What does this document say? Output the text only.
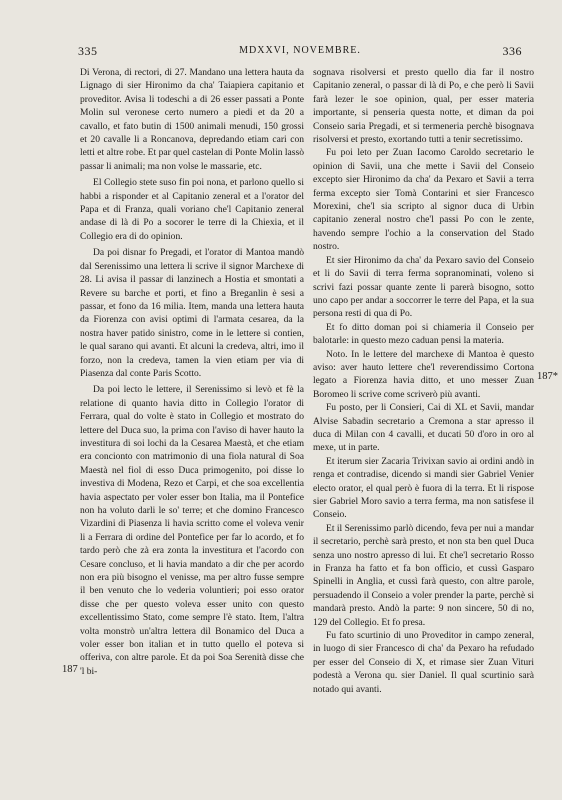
335	MDXXVI, NOVEMBRE.	336
187
187*

Di Verona, di rectori, di 27. Mandano una lettera hauta da Lignago di sier Hironimo da cha' Taiapiera capitanio et proveditor. Avisa li todeschi a di 26 esser passati a Ponte Molin sul veronese certo numero a piedi et da 20 a cavallo, et fato butin di 1500 animali menudi, 150 grossi et 20 cavalle li a Roncanova, depredando etiam cari con letti et altre robe. Et par quel castelan di Ponte Molin lassò passar li animali; ma non volse le massarie, etc.

El Collegio stete suso fin poi nona, et parlono quello si habbi a risponder et al Capitanio zeneral et a l'orator del Papa et di Franza, quali voriano che'l Capitanio zeneral andase di là di Po a socorer le terre di la Chiexia, et il Collegio era di do opinion.

Da poi disnar fo Pregadi, et l'orator di Mantoa mandò dal Serenissimo una lettera li scrive il signor Marchexe di 28. Li avisa il passar di lanzinech a Hostia et smontati a Revere su barche et porti, et fino a Breganlin è sesi a passar, et fono da 16 milia. Item, manda una lettera hauta da Fiorenza con avisi optimi di l'armata cesarea, da la nostra haver patido sinistro, come in le lettere si contien, le qual sarano qui avanti. Et alcuni la credeva, altri, imo il forzo, non la credeva, tamen la vien etiam per via di Piasenza dal conte Paris Scotto.

Da poi lecto le lettere, il Serenissimo si levò et fè la relatione di quanto havia ditto in Collegio l'orator di Ferrara, qual do volte è stato in Collegio et mostrato do lettere del Duca suo, la prima con l'aviso di haver hauto la investitura di soi lochi da la Cesarea Maestà, et che etiam era concionto con matrimonio di una fiola natural di Soa Maestà nel fiol di esso Duca primogenito, poi disse lo investiva di Modena, Rezo et Carpi, et che soa excellentia havia aspectato per voler esser bon Italia, ma il Pontefice non ha voluto darli le so' terre; et che domino Francesco Vizardini di Piasenza li havia scritto come el voleva venir li a Ferrara di ordine del Pontefice per far lo acordo, et fo tardo però che zà era zonta la investitura et l'acordo con Cesare concluso, et li havia mandato a dir che per acordo non era più bisogno el venisse, ma per altro fusse sempre il ben venuto che lo vederia voluntieri; poi esso orator disse che per questo voleva esser unito con questo excellentissimo Stato, come sempre l'è stato. Item, l'altra volta monstrò un'altra lettera dil Bonamico del Duca a voler esser bon italian et in tutto quello el poteva si offeriva, con altre parole. Et da poi Soa Serenità disse che 'l bi-

sognava risolversi et presto quello dia far il nostro Capitanio zeneral, o passar di là di Po, e che però li Savii farà lezer le soe opinion, qual, per esser materia importante, si penseria questa notte, et diman da poi Conseio saria Pregadi, et si termeneria perchè bisognava risolversi et presto, exortando tutti a tenir secretissimo.

Fu poi leto per Zuan Iacomo Caroldo secretario le opinion di Savii, una che mette i Savii del Conseio excepto sier Hironimo da cha' da Pexaro et Savii a terra ferma excepto sier Tomà Contarini et sier Francesco Morexini, che'l sia scripto al signor duca di Urbin capitanio zeneral nostro che'l passi Po con le zente, havendo sempre l'ochio a la conservation del Stado nostro.

Et sier Hironimo da cha' da Pexaro savio del Conseio et li do Savii di terra ferma sopranominati, voleno si scrivi fazi possar quante zente li parerà bisogno, sotto uno capo per andar a soccorrer le terre del Papa, et la sua persona resti di qua di Po.

Et fo ditto doman poi si chiameria il Conseio per balotarle: in questo mezo caduan pensi la materia.

Noto. In le lettere del marchexe di Mantoa è questo aviso: aver hauto lettere che'l reverendissimo Cortona legato a Fiorenza havia ditto, et uno messer Zuan Boromeo li scrive come scriverò più avanti.

Fu posto, per li Consieri, Cai di XL et Savii, mandar Alvise Sabadin secretario a Cremona a star apresso il duca di Milan con 4 cavalli, et ducati 50 d'oro in oro al mexe, ut in parte.

Et iterum sier Zacaria Trivixan savio ai ordini andò in renga et contradise, dicendo si mandi sier Gabriel Venier electo orator, el qual però è fuora di la terra. Et li rispose sier Gabriel Moro savio a terra ferma, ma non satisfese il Conseio.

Et il Serenissimo parlò dicendo, feva per nui a mandar il secretario, perchè sarà presto, et non sta ben quel Duca senza uno nostro apresso di lui. Et che'l secretario Rosso in Franza ha fatto et fa bon officio, et cussì Gasparo Spinelli in Anglia, et cussì farà questo, con altre parole, persuadendo il Conseio a voler prender la parte, perchè si mandarà presto. Andò la parte: 9 non sincere, 50 di no, 129 del Collegio. Et fo presa.

Fu fato scurtinio di uno Proveditor in campo zeneral, in luogo di sier Francesco di cha' da Pexaro ha refudado per esser del Conseio di X, et rimase sier Zuan Vituri podestà a Verona qu. sier Daniel. Il qual scurtinio sarà notado qui avanti.
